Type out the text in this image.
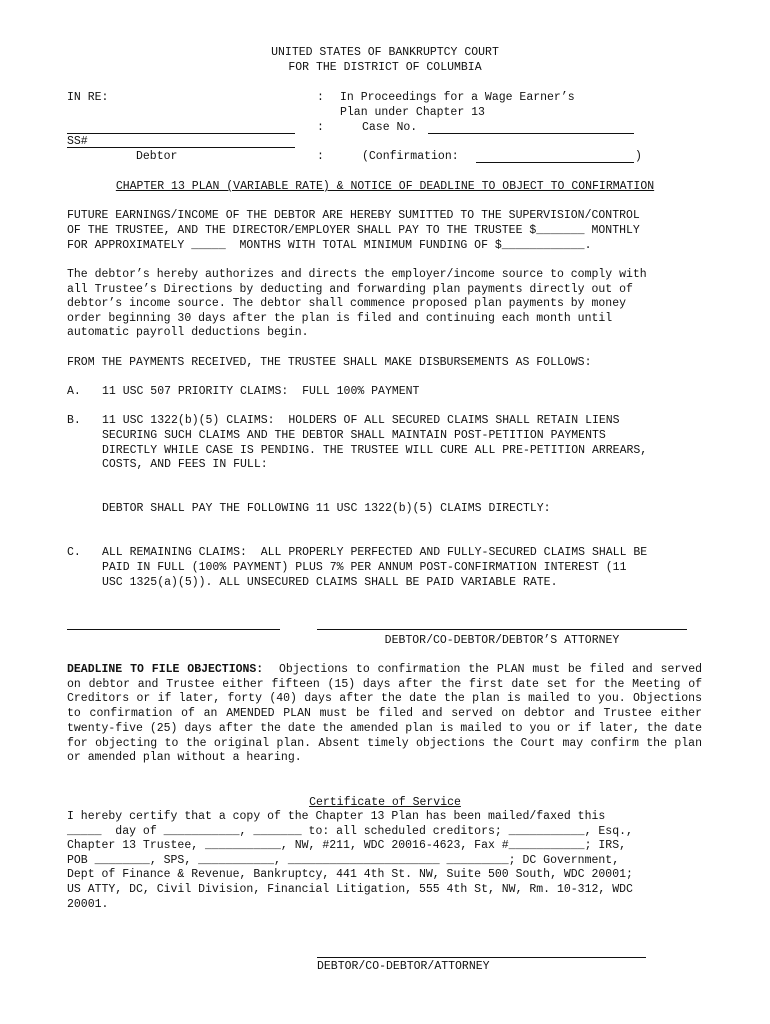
UNITED STATES OF BANKRUPTCY COURT
FOR THE DISTRICT OF COLUMBIA
IN RE:	: In Proceedings for a Wage Earner’s
Plan under Chapter 13
:	Case No.
SS#
Debtor	:	(Confirmation:	)
CHAPTER 13 PLAN (VARIABLE RATE) & NOTICE OF DEADLINE TO OBJECT TO CONFIRMATION
FUTURE EARNINGS/INCOME OF THE DEBTOR ARE HEREBY SUMITTED TO THE SUPERVISION/CONTROL
OF THE TRUSTEE, AND THE DIRECTOR/EMPLOYER SHALL PAY TO THE TRUSTEE $_______ MONTHLY
FOR APPROXIMATELY _____  MONTHS WITH TOTAL MINIMUM FUNDING OF $____________.
The debtor’s hereby authorizes and directs the employer/income source to comply with
all Trustee’s Directions by deducting and forwarding plan payments directly out of
debtor’s income source. The debtor shall commence proposed plan payments by money
order beginning 30 days after the plan is filed and continuing each month until
automatic payroll deductions begin.
FROM THE PAYMENTS RECEIVED, THE TRUSTEE SHALL MAKE DISBURSEMENTS AS FOLLOWS:
A. 11 USC 507 PRIORITY CLAIMS:  FULL 100% PAYMENT
B. 11 USC 1322(b)(5) CLAIMS:  HOLDERS OF ALL SECURED CLAIMS SHALL RETAIN LIENS
SECURING SUCH CLAIMS AND THE DEBTOR SHALL MAINTAIN POST-PETITION PAYMENTS
DIRECTLY WHILE CASE IS PENDING. THE TRUSTEE WILL CURE ALL PRE-PETITION ARREARS,
COSTS, AND FEES IN FULL:
DEBTOR SHALL PAY THE FOLLOWING 11 USC 1322(b)(5) CLAIMS DIRECTLY:
C. ALL REMAINING CLAIMS:  ALL PROPERLY PERFECTED AND FULLY-SECURED CLAIMS SHALL BE
PAID IN FULL (100% PAYMENT) PLUS 7% PER ANNUM POST-CONFIRMATION INTEREST (11
USC 1325(a)(5)). ALL UNSECURED CLAIMS SHALL BE PAID VARIABLE RATE.
DEBTOR/CO-DEBTOR/DEBTOR’S ATTORNEY
DEADLINE TO FILE OBJECTIONS: Objections to confirmation the PLAN must be filed and served on debtor and Trustee either fifteen (15) days after the first date set for the Meeting of Creditors or if later, forty (40) days after the date the plan is mailed to you. Objections to confirmation of an AMENDED PLAN must be filed and served on debtor and Trustee either twenty-five (25) days after the date the amended plan is mailed to you or if later, the date for objecting to the original plan. Absent timely objections the Court may confirm the plan or amended plan without a hearing.
Certificate of Service
I hereby certify that a copy of the Chapter 13 Plan has been mailed/faxed this
_____  day of ___________, _______ to: all scheduled creditors; ___________, Esq.,
Chapter 13 Trustee, ___________, NW, #211, WDC 20016-4623, Fax #___________; IRS,
POB ________, SPS, ___________, ______________________ _________; DC Government,
Dept of Finance & Revenue, Bankruptcy, 441 4th St. NW, Suite 500 South, WDC 20001;
US ATTY, DC, Civil Division, Financial Litigation, 555 4th St, NW, Rm. 10-312, WDC
20001.
DEBTOR/CO-DEBTOR/ATTORNEY
